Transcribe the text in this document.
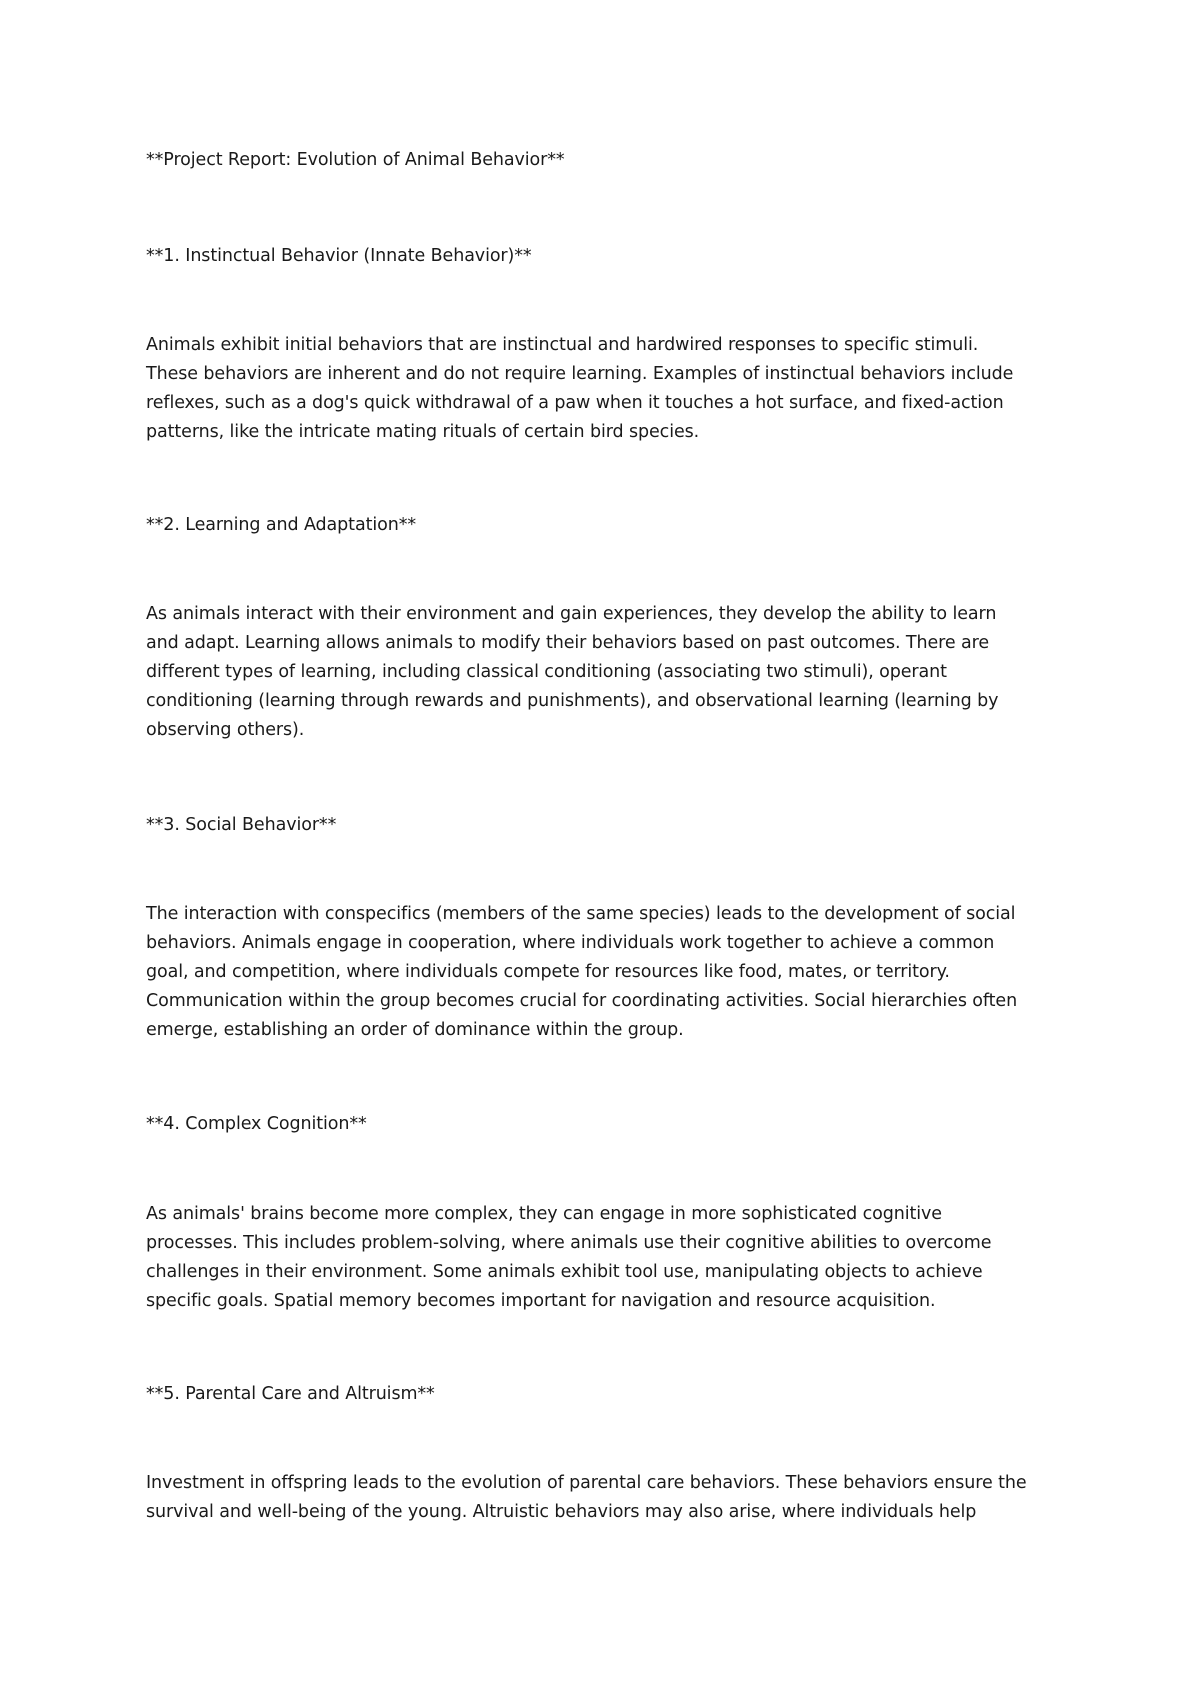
**Project Report: Evolution of Animal Behavior**
**1. Instinctual Behavior (Innate Behavior)**
Animals exhibit initial behaviors that are instinctual and hardwired responses to specific stimuli.
These behaviors are inherent and do not require learning. Examples of instinctual behaviors include
reflexes, such as a dog's quick withdrawal of a paw when it touches a hot surface, and fixed-action
patterns, like the intricate mating rituals of certain bird species.
**2. Learning and Adaptation**
As animals interact with their environment and gain experiences, they develop the ability to learn
and adapt. Learning allows animals to modify their behaviors based on past outcomes. There are
different types of learning, including classical conditioning (associating two stimuli), operant
conditioning (learning through rewards and punishments), and observational learning (learning by
observing others).
**3. Social Behavior**
The interaction with conspecifics (members of the same species) leads to the development of social
behaviors. Animals engage in cooperation, where individuals work together to achieve a common
goal, and competition, where individuals compete for resources like food, mates, or territory.
Communication within the group becomes crucial for coordinating activities. Social hierarchies often
emerge, establishing an order of dominance within the group.
**4. Complex Cognition**
As animals' brains become more complex, they can engage in more sophisticated cognitive
processes. This includes problem-solving, where animals use their cognitive abilities to overcome
challenges in their environment. Some animals exhibit tool use, manipulating objects to achieve
specific goals. Spatial memory becomes important for navigation and resource acquisition.
**5. Parental Care and Altruism**
Investment in offspring leads to the evolution of parental care behaviors. These behaviors ensure the
survival and well-being of the young. Altruistic behaviors may also arise, where individuals help
